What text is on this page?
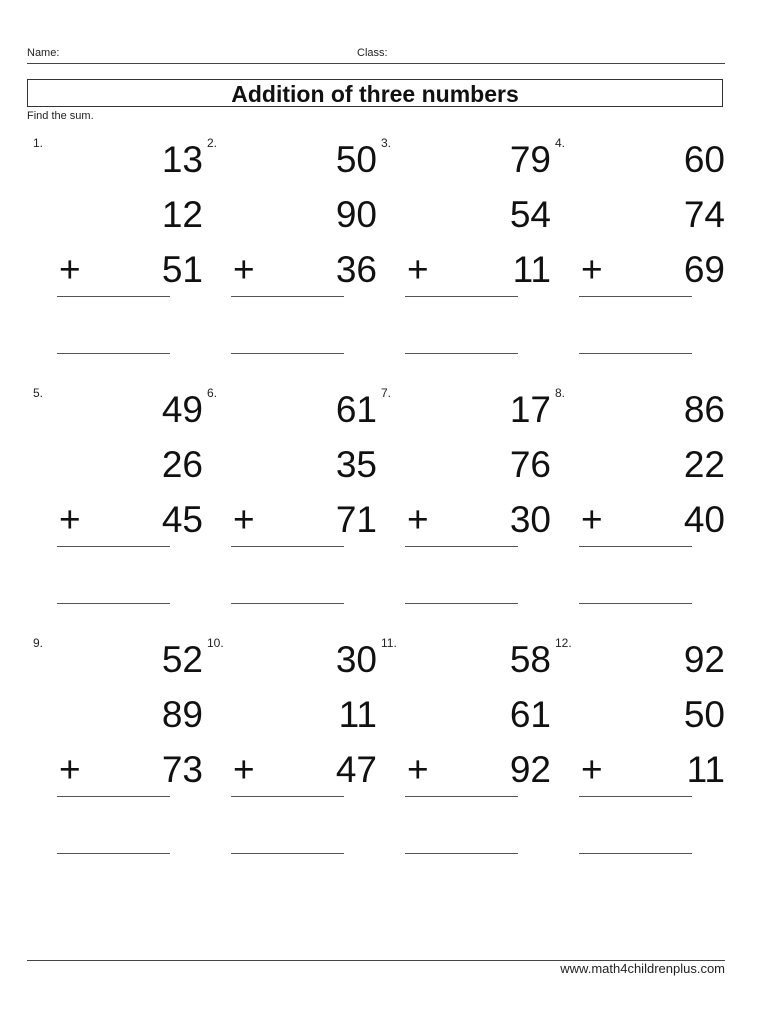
Name:	Class:
Addition of three numbers
Find the sum.
1.	13
12
+	51
2.	50
90
+	36
3.	79
54
+	11
4.	60
74
+	69
5.	49
26
+	45
6.	61
35
+	71
7.	17
76
+	30
8.	86
22
+	40
9.	52
89
+	73
10.	30
11
+	47
11.	58
61
+	92
12.	92
50
+	11
www.math4childrenplus.com
